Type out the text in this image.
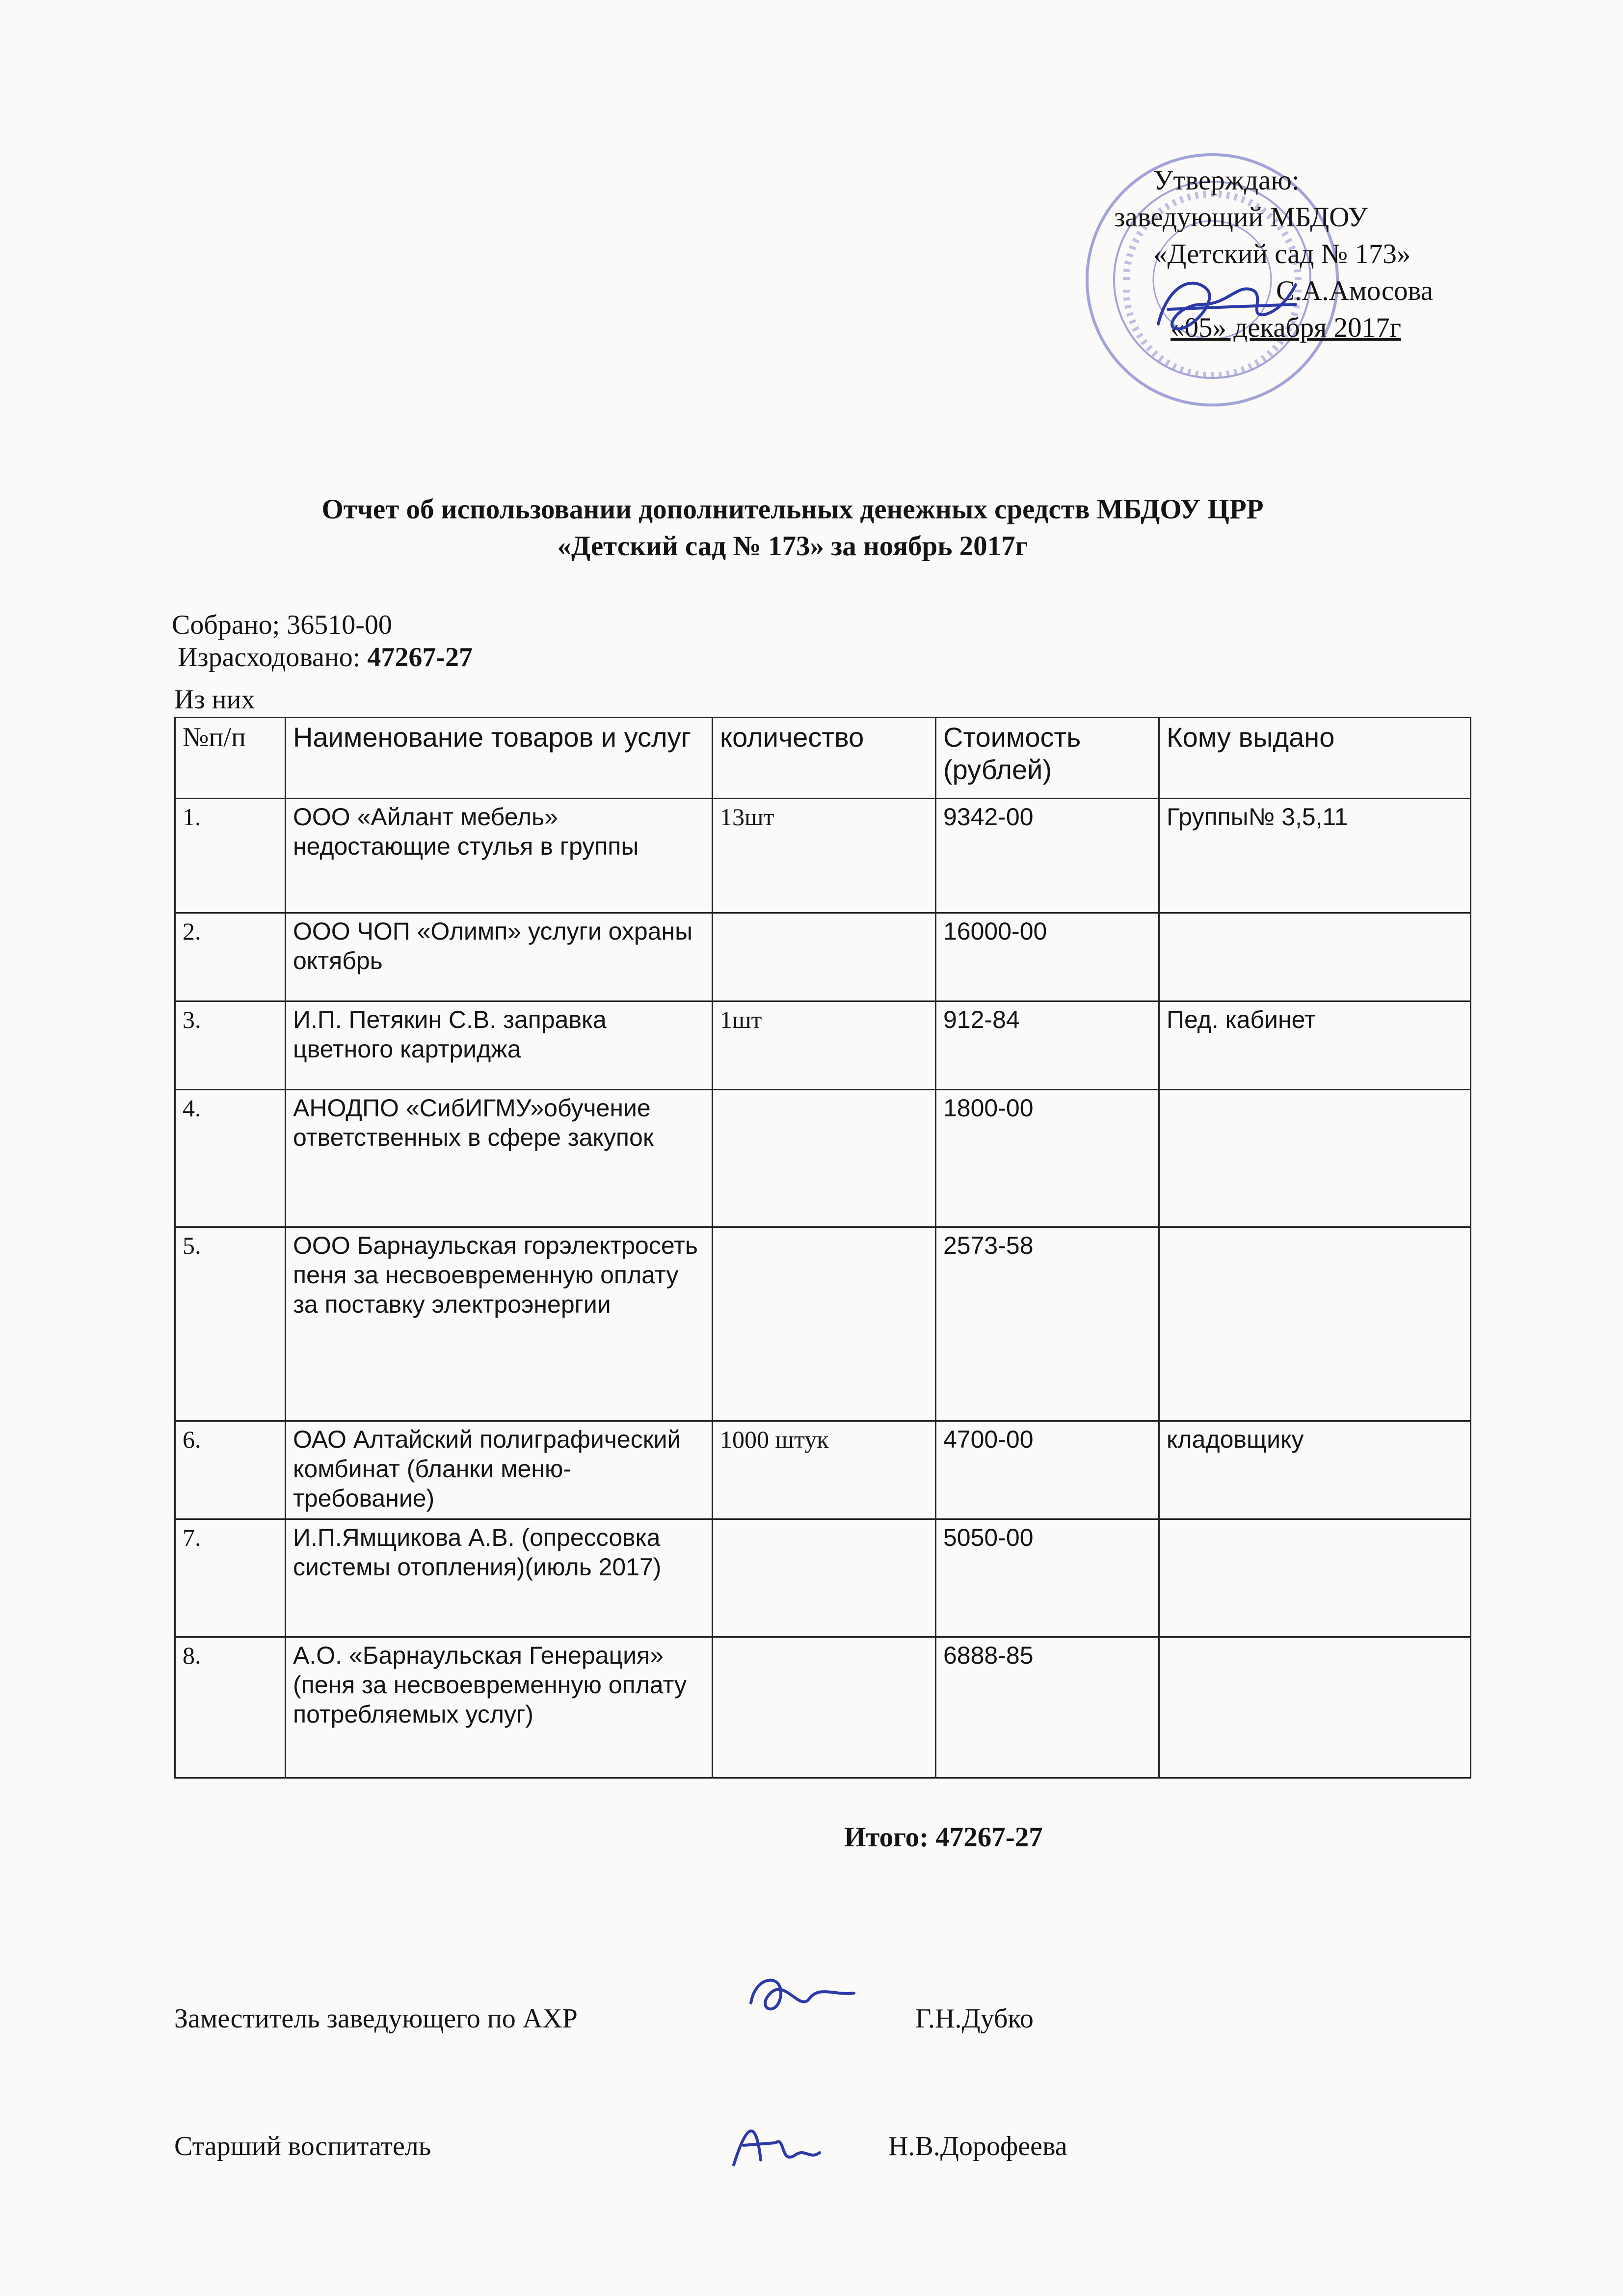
Утверждаю:
заведующий МБДОУ
«Детский сад № 173»
С.А.Амосова
«05» декабря 2017г
Отчет об использовании дополнительных денежных средств МБДОУ ЦРР
«Детский сад № 173» за ноябрь 2017г
Собрано; 36510-00
Израсходовано: 47267-27
Из них
№п/п	Наименование товаров и услуг	количество	Стоимость (рублей)	Кому выдано
1.	ООО «Айлант мебель» недостающие стулья в группы	13шт	9342-00	Группы№ 3,5,11
2.	ООО ЧОП «Олимп» услуги охраны октябрь		16000-00	
3.	И.П. Петякин С.В. заправка цветного картриджа	1шт	912-84	Пед. кабинет
4.	АНОДПО «СибИГМУ»обучение ответственных в сфере закупок		1800-00	
5.	ООО Барнаульская горэлектросеть пеня за несвоевременную оплату за поставку электроэнергии		2573-58	
6.	ОАО Алтайский полиграфический комбинат (бланки меню- требование)	1000 штук	4700-00	кладовщику
7.	И.П.Ямщикова А.В. (опрессовка системы отопления)(июль 2017)		5050-00	
8.	А.О. «Барнаульская Генерация» (пеня за несвоевременную оплату потребляемых услуг)		6888-85	
Итого: 47267-27
Заместитель заведующего по АХР	Г.Н.Дубко
Старший воспитатель	Н.В.Дорофеева
